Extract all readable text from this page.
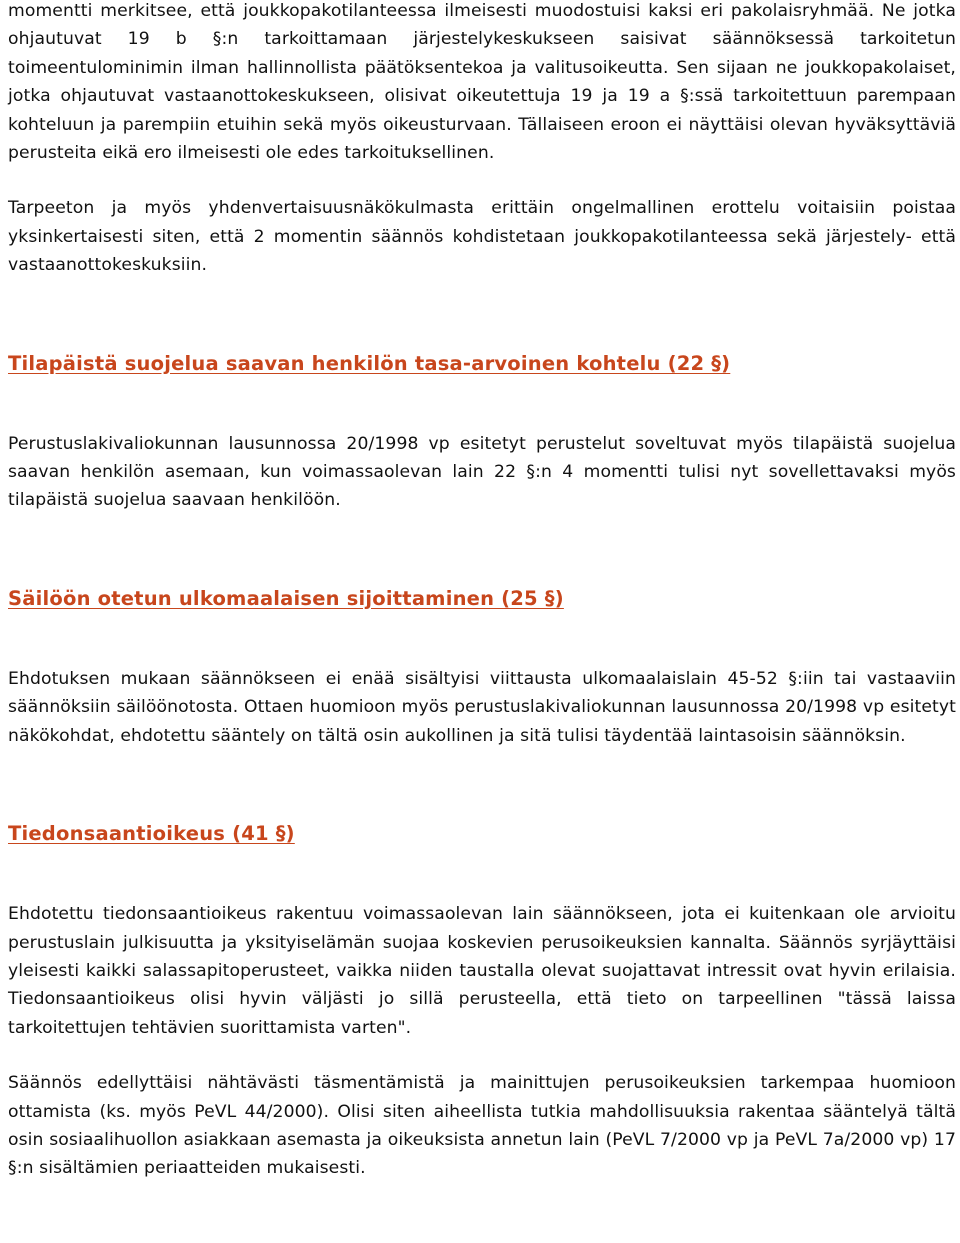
momentti merkitsee, että joukkopakotilanteessa ilmeisesti muodostuisi kaksi eri pakolaisryhmää. Ne jotka ohjautuvat 19 b §:n tarkoittamaan järjestelykeskukseen saisivat säännöksessä tarkoitetun toimeentulominimin ilman hallinnollista päätöksentekoa ja valitusoikeutta. Sen sijaan ne joukkopakolaiset, jotka ohjautuvat vastaanottokeskukseen, olisivat oikeutettuja 19 ja 19 a §:ssä tarkoitettuun parempaan kohteluun ja parempiin etuihin sekä myös oikeusturvaan. Tällaiseen eroon ei näyttäisi olevan hyväksyttäviä perusteita eikä ero ilmeisesti ole edes tarkoituksellinen.

Tarpeeton ja myös yhdenvertaisuusnäkökulmasta erittäin ongelmallinen erottelu voitaisiin poistaa yksinkertaisesti siten, että 2 momentin säännös kohdistetaan joukkopakotilanteessa sekä järjestely- että vastaanottokeskuksiin.

Tilapäistä suojelua saavan henkilön tasa-arvoinen kohtelu (22 §)

Perustuslakivaliokunnan lausunnossa 20/1998 vp esitetyt perustelut soveltuvat myös tilapäistä suojelua saavan henkilön asemaan, kun voimassaolevan lain 22 §:n 4 momentti tulisi nyt sovellettavaksi myös tilapäistä suojelua saavaan henkilöön.

Säilöön otetun ulkomaalaisen sijoittaminen (25 §)

Ehdotuksen mukaan säännökseen ei enää sisältyisi viittausta ulkomaalaislain 45-52 §:iin tai vastaaviin säännöksiin säilöönotosta. Ottaen huomioon myös perustuslakivaliokunnan lausunnossa 20/1998 vp esitetyt näkökohdat, ehdotettu sääntely on tältä osin aukollinen ja sitä tulisi täydentää laintasoisin säännöksin.

Tiedonsaantioikeus (41 §)

Ehdotettu tiedonsaantioikeus rakentuu voimassaolevan lain säännökseen, jota ei kuitenkaan ole arvioitu perustuslain julkisuutta ja yksityiselämän suojaa koskevien perusoikeuksien kannalta. Säännös syrjäyttäisi yleisesti kaikki salassapitoperusteet, vaikka niiden taustalla olevat suojattavat intressit ovat hyvin erilaisia. Tiedonsaantioikeus olisi hyvin väljästi jo sillä perusteella, että tieto on tarpeellinen "tässä laissa tarkoitettujen tehtävien suorittamista varten".

Säännös edellyttäisi nähtävästi täsmentämistä ja mainittujen perusoikeuksien tarkempaa huomioon ottamista (ks. myös PeVL 44/2000). Olisi siten aiheellista tutkia mahdollisuuksia rakentaa sääntelyä tältä osin sosiaalihuollon asiakkaan asemasta ja oikeuksista annetun lain (PeVL 7/2000 vp ja PeVL 7a/2000 vp) 17 §:n sisältämien periaatteiden mukaisesti.
